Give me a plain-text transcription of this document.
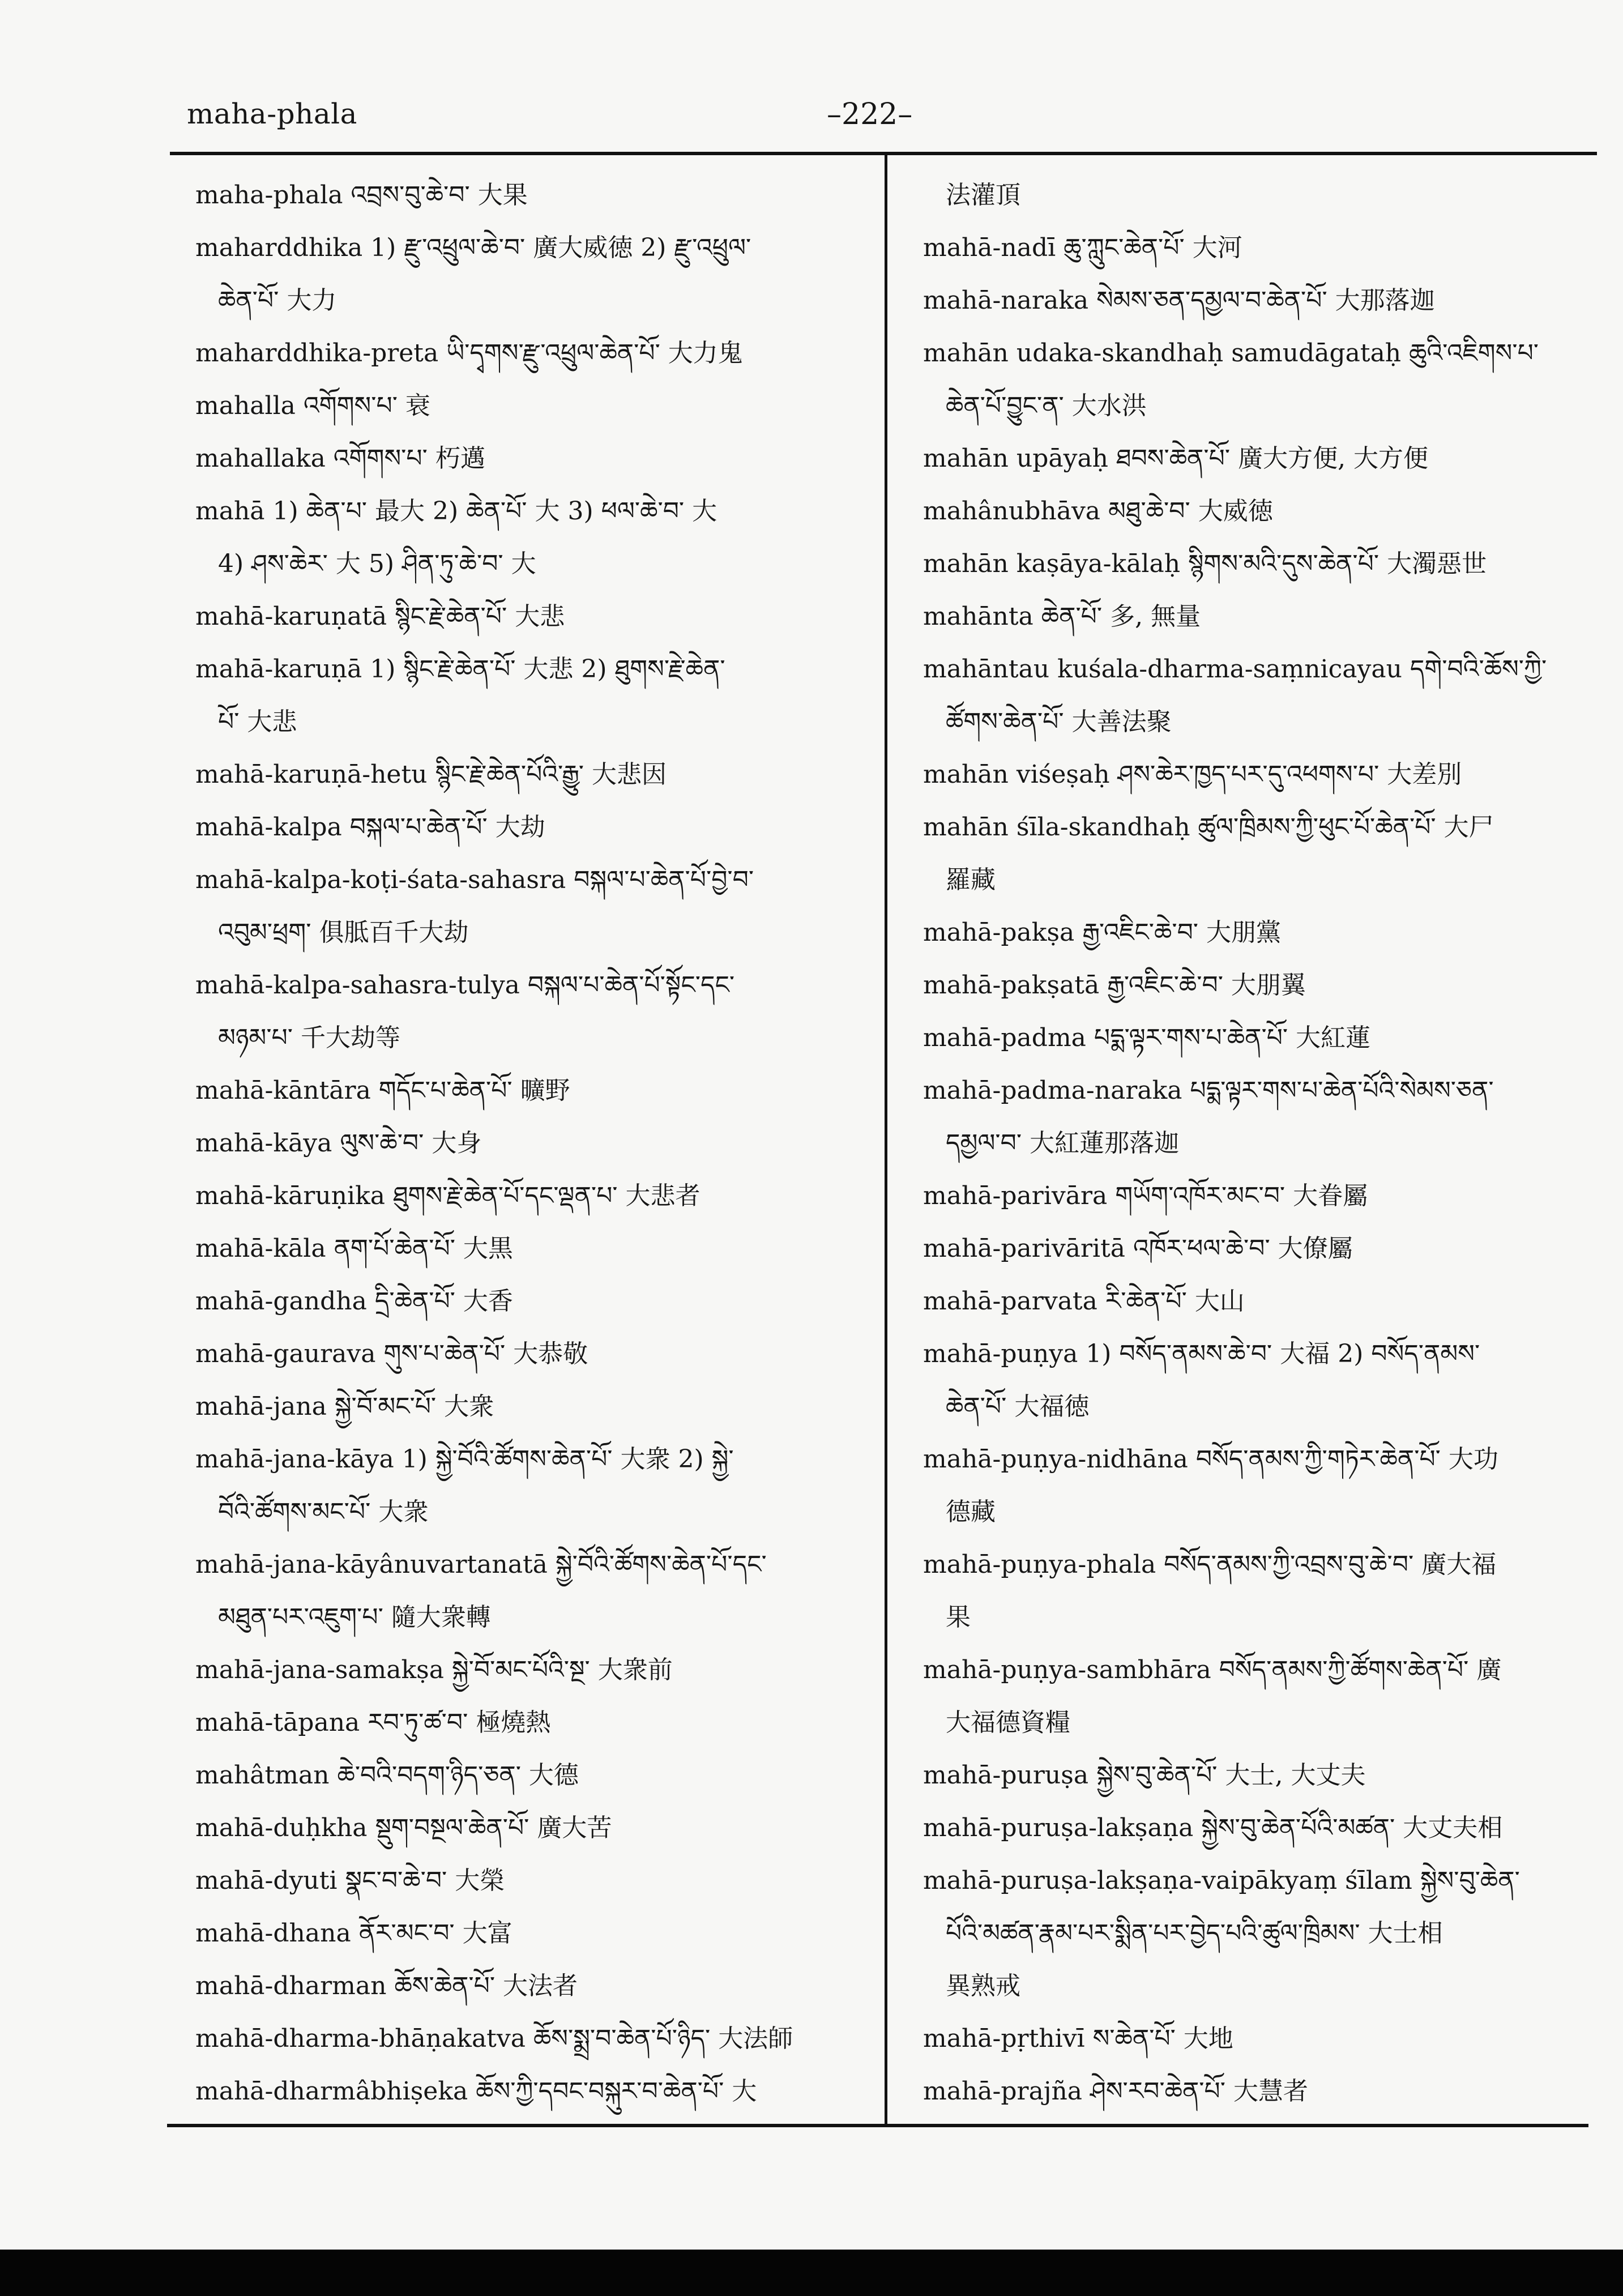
maha-phala	–222–
maha-phala འབྲས་བུ་ཆེ་བ་ 大果
maharddhika 1) རྫུ་འཕྲུལ་ཆེ་བ་ 廣大威徳 2) རྫུ་འཕྲུལ་
ཆེན་པོ་ 大力
maharddhika-preta ཡི་དྭགས་རྫུ་འཕྲུལ་ཆེན་པོ་ 大力鬼
mahalla འགོགས་པ་ 衰
mahallaka འགོགས་པ་ 朽邁
mahā 1) ཆེན་པ་ 最大 2) ཆེན་པོ་ 大 3) ཕལ་ཆེ་བ་ 大
4) ཤས་ཆེར་ 大 5) ཤིན་ཏུ་ཆེ་བ་ 大
mahā-karuṇatā སྙིང་རྗེ་ཆེན་པོ་ 大悲
mahā-karuṇā 1) སྙིང་རྗེ་ཆེན་པོ་ 大悲 2) ཐུགས་རྗེ་ཆེན་
པོ་ 大悲
mahā-karuṇā-hetu སྙིང་རྗེ་ཆེན་པོའི་རྒྱུ་ 大悲因
mahā-kalpa བསྐལ་པ་ཆེན་པོ་ 大劫
mahā-kalpa-koṭi-śata-sahasra བསྐལ་པ་ཆེན་པོ་བྱེ་བ་
འབུམ་ཕྲག་ 俱胝百千大劫
mahā-kalpa-sahasra-tulya བསྐལ་པ་ཆེན་པོ་སྟོང་དང་
མཉམ་པ་ 千大劫等
mahā-kāntāra གདོང་པ་ཆེན་པོ་ 曠野
mahā-kāya ལུས་ཆེ་བ་ 大身
mahā-kāruṇika ཐུགས་རྗེ་ཆེན་པོ་དང་ལྡན་པ་ 大悲者
mahā-kāla ནག་པོ་ཆེན་པོ་ 大黒
mahā-gandha དྲི་ཆེན་པོ་ 大香
mahā-gaurava གུས་པ་ཆེན་པོ་ 大恭敬
mahā-jana སྐྱེ་བོ་མང་པོ་ 大衆
mahā-jana-kāya 1) སྐྱེ་བོའི་ཚོགས་ཆེན་པོ་ 大衆 2) སྐྱེ་
བོའི་ཚོགས་མང་པོ་ 大衆
mahā-jana-kāyânuvartanatā སྐྱེ་བོའི་ཚོགས་ཆེན་པོ་དང་
མཐུན་པར་འཇུག་པ་ 隨大衆轉
mahā-jana-samakṣa སྐྱེ་བོ་མང་པོའི་སྔ་ 大衆前
mahā-tāpana རབ་ཏུ་ཚ་བ་ 極燒熱
mahâtman ཆེ་བའི་བདག་ཉིད་ཅན་ 大德
mahā-duḥkha སྡུག་བསྔལ་ཆེན་པོ་ 廣大苦
mahā-dyuti སྣང་བ་ཆེ་བ་ 大榮
mahā-dhana ནོར་མང་བ་ 大富
mahā-dharman ཆོས་ཆེན་པོ་ 大法者
mahā-dharma-bhāṇakatva ཆོས་སྨྲ་བ་ཆེན་པོ་ཉིད་ 大法師
mahā-dharmâbhiṣeka ཆོས་ཀྱི་དབང་བསྐུར་བ་ཆེན་པོ་ 大
法灌頂
mahā-nadī ཆུ་ཀླུང་ཆེན་པོ་ 大河
mahā-naraka སེམས་ཅན་དམྱལ་བ་ཆེན་པོ་ 大那落迦
mahān udaka-skandhaḥ samudāgataḥ ཆུའི་འཇིགས་པ་
ཆེན་པོ་བྱུང་ན་ 大水洪
mahān upāyaḥ ཐབས་ཆེན་པོ་ 廣大方便, 大方便
mahânubhāva མཐུ་ཆེ་བ་ 大威徳
mahān kaṣāya-kālaḥ སྙིགས་མའི་དུས་ཆེན་པོ་ 大濁惡世
mahānta ཆེན་པོ་ 多, 無量
mahāntau kuśala-dharma-saṃnicayau དགེ་བའི་ཆོས་ཀྱི་
ཚོགས་ཆེན་པོ་ 大善法聚
mahān viśeṣaḥ ཤས་ཆེར་ཁྱད་པར་དུ་འཕགས་པ་ 大差別
mahān śīla-skandhaḥ ཚུལ་ཁྲིམས་ཀྱི་ཕུང་པོ་ཆེན་པོ་ 大尸
羅藏
mahā-pakṣa རྒྱ་འཇིང་ཆེ་བ་ 大朋黨
mahā-pakṣatā རྒྱ་འཇིང་ཆེ་བ་ 大朋翼
mahā-padma པདྨ་ལྟར་གས་པ་ཆེན་པོ་ 大紅蓮
mahā-padma-naraka པདྨ་ལྟར་གས་པ་ཆེན་པོའི་སེམས་ཅན་
དམྱལ་བ་ 大紅蓮那落迦
mahā-parivāra གཡོག་འཁོར་མང་བ་ 大眷屬
mahā-parivāritā འཁོར་ཕལ་ཆེ་བ་ 大僚屬
mahā-parvata རི་ཆེན་པོ་ 大山
mahā-puṇya 1) བསོད་ནམས་ཆེ་བ་ 大福 2) བསོད་ནམས་
ཆེན་པོ་ 大福徳
mahā-puṇya-nidhāna བསོད་ནམས་ཀྱི་གཏེར་ཆེན་པོ་ 大功
德藏
mahā-puṇya-phala བསོད་ནམས་ཀྱི་འབྲས་བུ་ཆེ་བ་ 廣大福
果
mahā-puṇya-sambhāra བསོད་ནམས་ཀྱི་ཚོགས་ཆེན་པོ་ 廣
大福德資糧
mahā-puruṣa སྐྱེས་བུ་ཆེན་པོ་ 大士, 大丈夫
mahā-puruṣa-lakṣaṇa སྐྱེས་བུ་ཆེན་པོའི་མཚན་ 大丈夫相
mahā-puruṣa-lakṣaṇa-vaipākyaṃ śīlam སྐྱེས་བུ་ཆེན་
པོའི་མཚན་རྣམ་པར་སྨིན་པར་བྱེད་པའི་ཚུལ་ཁྲིམས་ 大士相
異熟戒
mahā-pṛthivī ས་ཆེན་པོ་ 大地
mahā-prajña ཤེས་རབ་ཆེན་པོ་ 大慧者
